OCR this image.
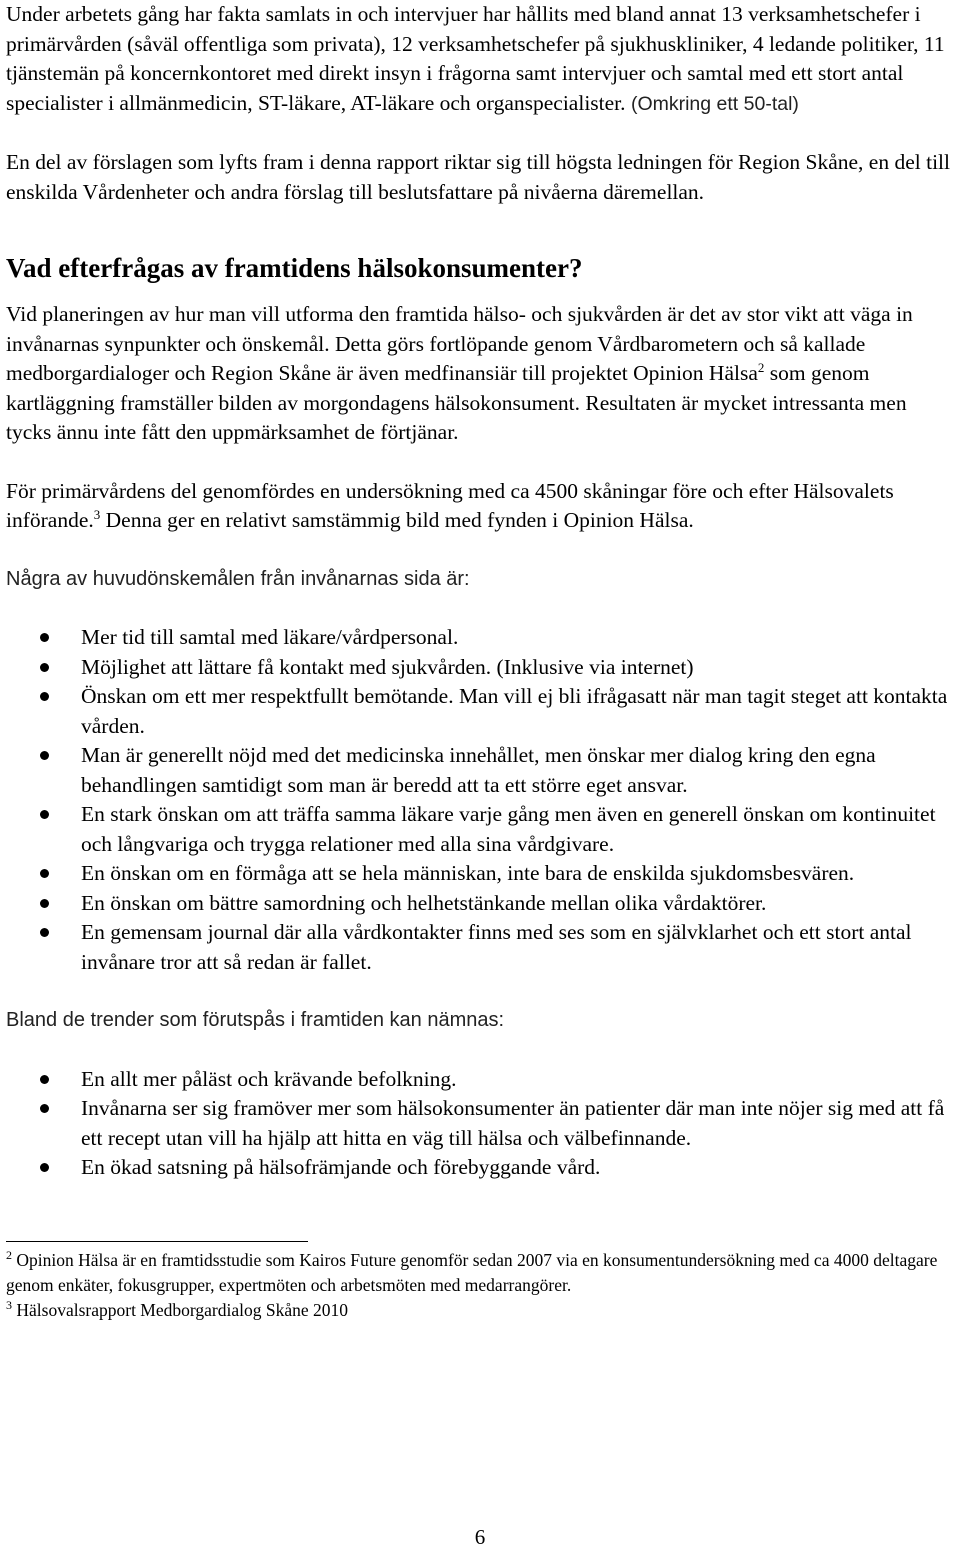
Under arbetets gång har fakta samlats in och intervjuer har hållits med bland annat 13 verksamhetschefer i primärvården (såväl offentliga som privata), 12 verksamhetschefer på sjukhuskliniker, 4 ledande politiker, 11 tjänstemän på koncernkontoret med direkt insyn i frågorna samt intervjuer och samtal med ett stort antal specialister i allmänmedicin, ST-läkare, AT-läkare och organspecialister. (Omkring ett 50-tal)

En del av förslagen som lyfts fram i denna rapport riktar sig till högsta ledningen för Region Skåne, en del till enskilda Vårdenheter och andra förslag till beslutsfattare på nivåerna däremellan.

Vad efterfrågas av framtidens hälsokonsumenter?

Vid planeringen av hur man vill utforma den framtida hälso- och sjukvården är det av stor vikt att väga in invånarnas synpunkter och önskemål. Detta görs fortlöpande genom Vårdbarometern och så kallade medborgardialoger och Region Skåne är även medfinansiär till projektet Opinion Hälsa$^2$ som genom kartläggning framställer bilden av morgondagens hälsokonsument. Resultaten är mycket intressanta men tycks ännu inte fått den uppmärksamhet de förtjänar.

För primärvårdens del genomfördes en undersökning med ca 4500 skåningar före och efter Hälsovalets införande.$^3$ Denna ger en relativt samstämmig bild med fynden i Opinion Hälsa.

Några av huvudönskemålen från invånarnas sida är:

Mer tid till samtal med läkare/vårdpersonal.
Möjlighet att lättare få kontakt med sjukvården. (Inklusive via internet)
Önskan om ett mer respektfullt bemötande. Man vill ej bli ifrågasatt när man tagit steget att kontakta vården.
Man är generellt nöjd med det medicinska innehållet, men önskar mer dialog kring den egna behandlingen samtidigt som man är beredd att ta ett större eget ansvar.
En stark önskan om att träffa samma läkare varje gång men även en generell önskan om kontinuitet och långvariga och trygga relationer med alla sina vårdgivare.
En önskan om en förmåga att se hela människan, inte bara de enskilda sjukdomsbesvären.
En önskan om bättre samordning och helhetstänkande mellan olika vårdaktörer.
En gemensam journal där alla vårdkontakter finns med ses som en självklarhet och ett stort antal invånare tror att så redan är fallet.

Bland de trender som förutspås i framtiden kan nämnas:

En allt mer påläst och krävande befolkning.
Invånarna ser sig framöver mer som hälsokonsumenter än patienter där man inte nöjer sig med att få ett recept utan vill ha hjälp att hitta en väg till hälsa och välbefinnande.
En ökad satsning på hälsofrämjande och förebyggande vård.

$^2$ Opinion Hälsa är en framtidsstudie som Kairos Future genomför sedan 2007 via en konsumentundersökning med ca 4000 deltagare genom enkäter, fokusgrupper, expertmöten och arbetsmöten med medarrangörer.

$^3$ Hälsovalsrapport Medborgardialog Skåne 2010

6
